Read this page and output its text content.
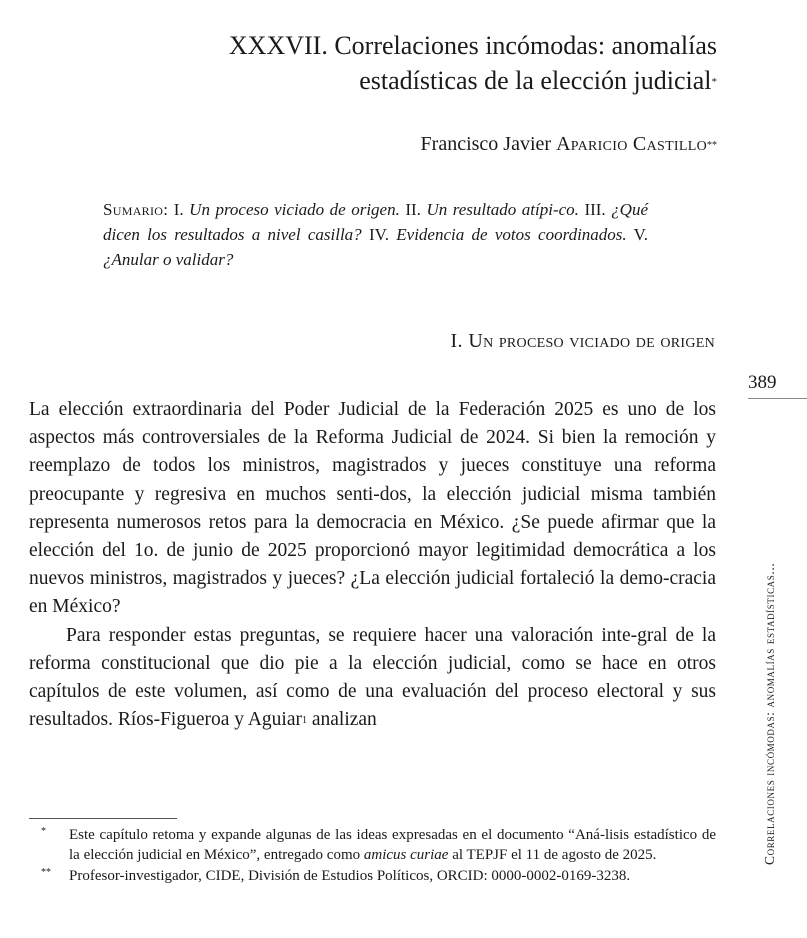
XXXVII. Correlaciones incómodas: anomalías
estadísticas de la elección judicial*
Francisco Javier Aparicio Castillo**
Sumario: I. Un proceso viciado de origen. II. Un resultado atípi-co. III. ¿Qué dicen los resultados a nivel casilla? IV. Evidencia de votos coordinados. V. ¿Anular o validar?
I. Un proceso viciado de origen
389
Correlaciones incómodas: anomalías estadísticas...

La elección extraordinaria del Poder Judicial de la Federación 2025 es uno de los aspectos más controversiales de la Reforma Judicial de 2024. Si bien la remoción y reemplazo de todos los ministros, magistrados y jueces constituye una reforma preocupante y regresiva en muchos senti-dos, la elección judicial misma también representa numerosos retos para la democracia en México. ¿Se puede afirmar que la elección del 1o. de junio de 2025 proporcionó mayor legitimidad democrática a los nuevos ministros, magistrados y jueces? ¿La elección judicial fortaleció la demo-cracia en México?

Para responder estas preguntas, se requiere hacer una valoración inte-gral de la reforma constitucional que dio pie a la elección judicial, como se hace en otros capítulos de este volumen, así como de una evaluación del proceso electoral y sus resultados. Ríos-Figueroa y Aguiar$^1$ analizan

* Este capítulo retoma y expande algunas de las ideas expresadas en el documento “Aná-lisis estadístico de la elección judicial en México”, entregado como amicus curiae al TEPJF el 11 de agosto de 2025.
** Profesor-investigador, CIDE, División de Estudios Políticos, ORCID: 0000-0002-0169-3238.
